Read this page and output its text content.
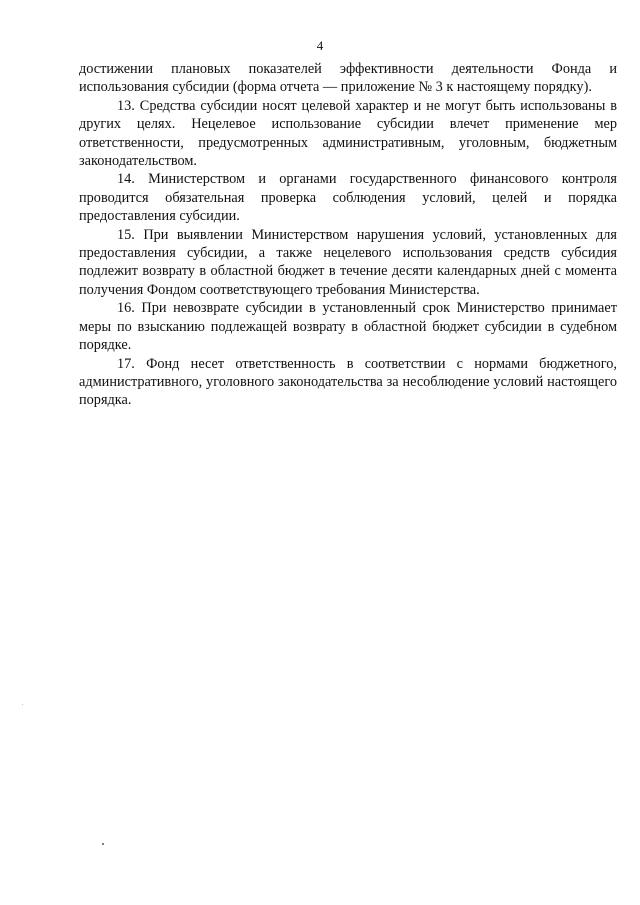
4

достижении плановых показателей эффективности деятельности Фонда и использования субсидии (форма отчета — приложение № 3 к настоящему порядку).

13. Средства субсидии носят целевой характер и не могут быть использованы в других целях. Нецелевое использование субсидии влечет применение мер ответственности, предусмотренных административным, уголовным, бюджетным законодательством.

14. Министерством и органами государственного финансового контроля проводится обязательная проверка соблюдения условий, целей и порядка предоставления субсидии.

15. При выявлении Министерством нарушения условий, установленных для предоставления субсидии, а также нецелевого использования средств субсидия подлежит возврату в областной бюджет в течение десяти календарных дней с момента получения Фондом соответствующего требования Министерства.

16. При невозврате субсидии в установленный срок Министерство принимает меры по взысканию подлежащей возврату в областной бюджет субсидии в судебном порядке.

17. Фонд несет ответственность в соответствии с нормами бюджетного, административного, уголовного законодательства за несоблюдение условий настоящего порядка.
